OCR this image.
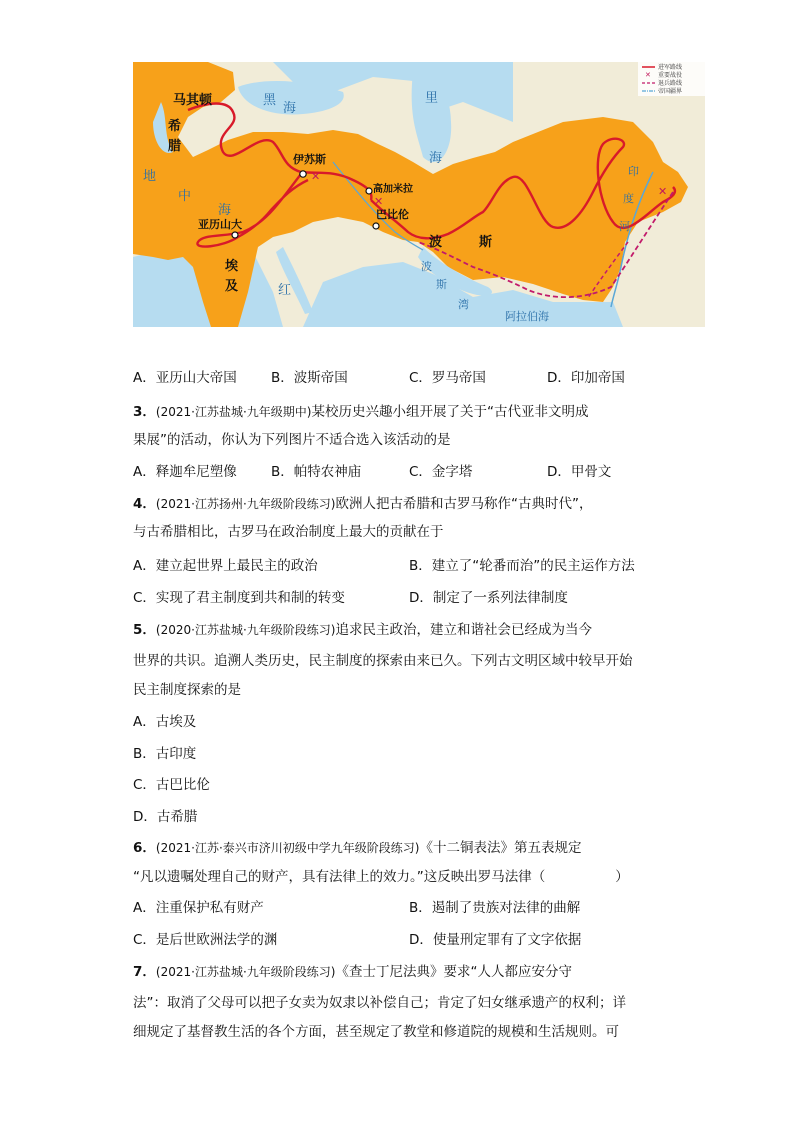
✕
✕
✕
马其顿
希
腊
伊苏斯
高加米拉
巴比伦
亚历山大
埃
及
波	斯
黑
海
里
海
地
中
海
红
印
度
河
波
斯
湾
阿拉伯海
进军路线
✕ 重要战役
退兵路线
帝国疆界
A．亚历山大帝国	B．波斯帝国	C．罗马帝国	D．印加帝国
3．(2021·江苏盐城·九年级期中)某校历史兴趣小组开展了关于“古代亚非文明成
果展”的活动，你认为下列图片不适合选入该活动的是
A．释迦牟尼塑像	B．帕特农神庙	C．金字塔	D．甲骨文
4．(2021·江苏扬州·九年级阶段练习)欧洲人把古希腊和古罗马称作“古典时代”，
与古希腊相比，古罗马在政治制度上最大的贡献在于
A．建立起世界上最民主的政治	B．建立了“轮番而治”的民主运作方法
C．实现了君主制度到共和制的转变	D．制定了一系列法律制度
5．(2020·江苏盐城·九年级阶段练习)追求民主政治，建立和谐社会已经成为当今
世界的共识。追溯人类历史，民主制度的探索由来已久。下列古文明区域中较早开始
民主制度探索的是
A．古埃及
B．古印度
C．古巴比伦
D．古希腊
6．(2021·江苏·泰兴市济川初级中学九年级阶段练习)《十二铜表法》第五表规定
“凡以遗嘱处理自己的财产，具有法律上的效力。”这反映出罗马法律（	）
A．注重保护私有财产	B．遏制了贵族对法律的曲解
C．是后世欧洲法学的渊	D．使量刑定罪有了文字依据
7．(2021·江苏盐城·九年级阶段练习)《查士丁尼法典》要求“人人都应安分守
法”：取消了父母可以把子女卖为奴隶以补偿自己；肯定了妇女继承遗产的权利；详
细规定了基督教生活的各个方面，甚至规定了教堂和修道院的规模和生活规则。可
